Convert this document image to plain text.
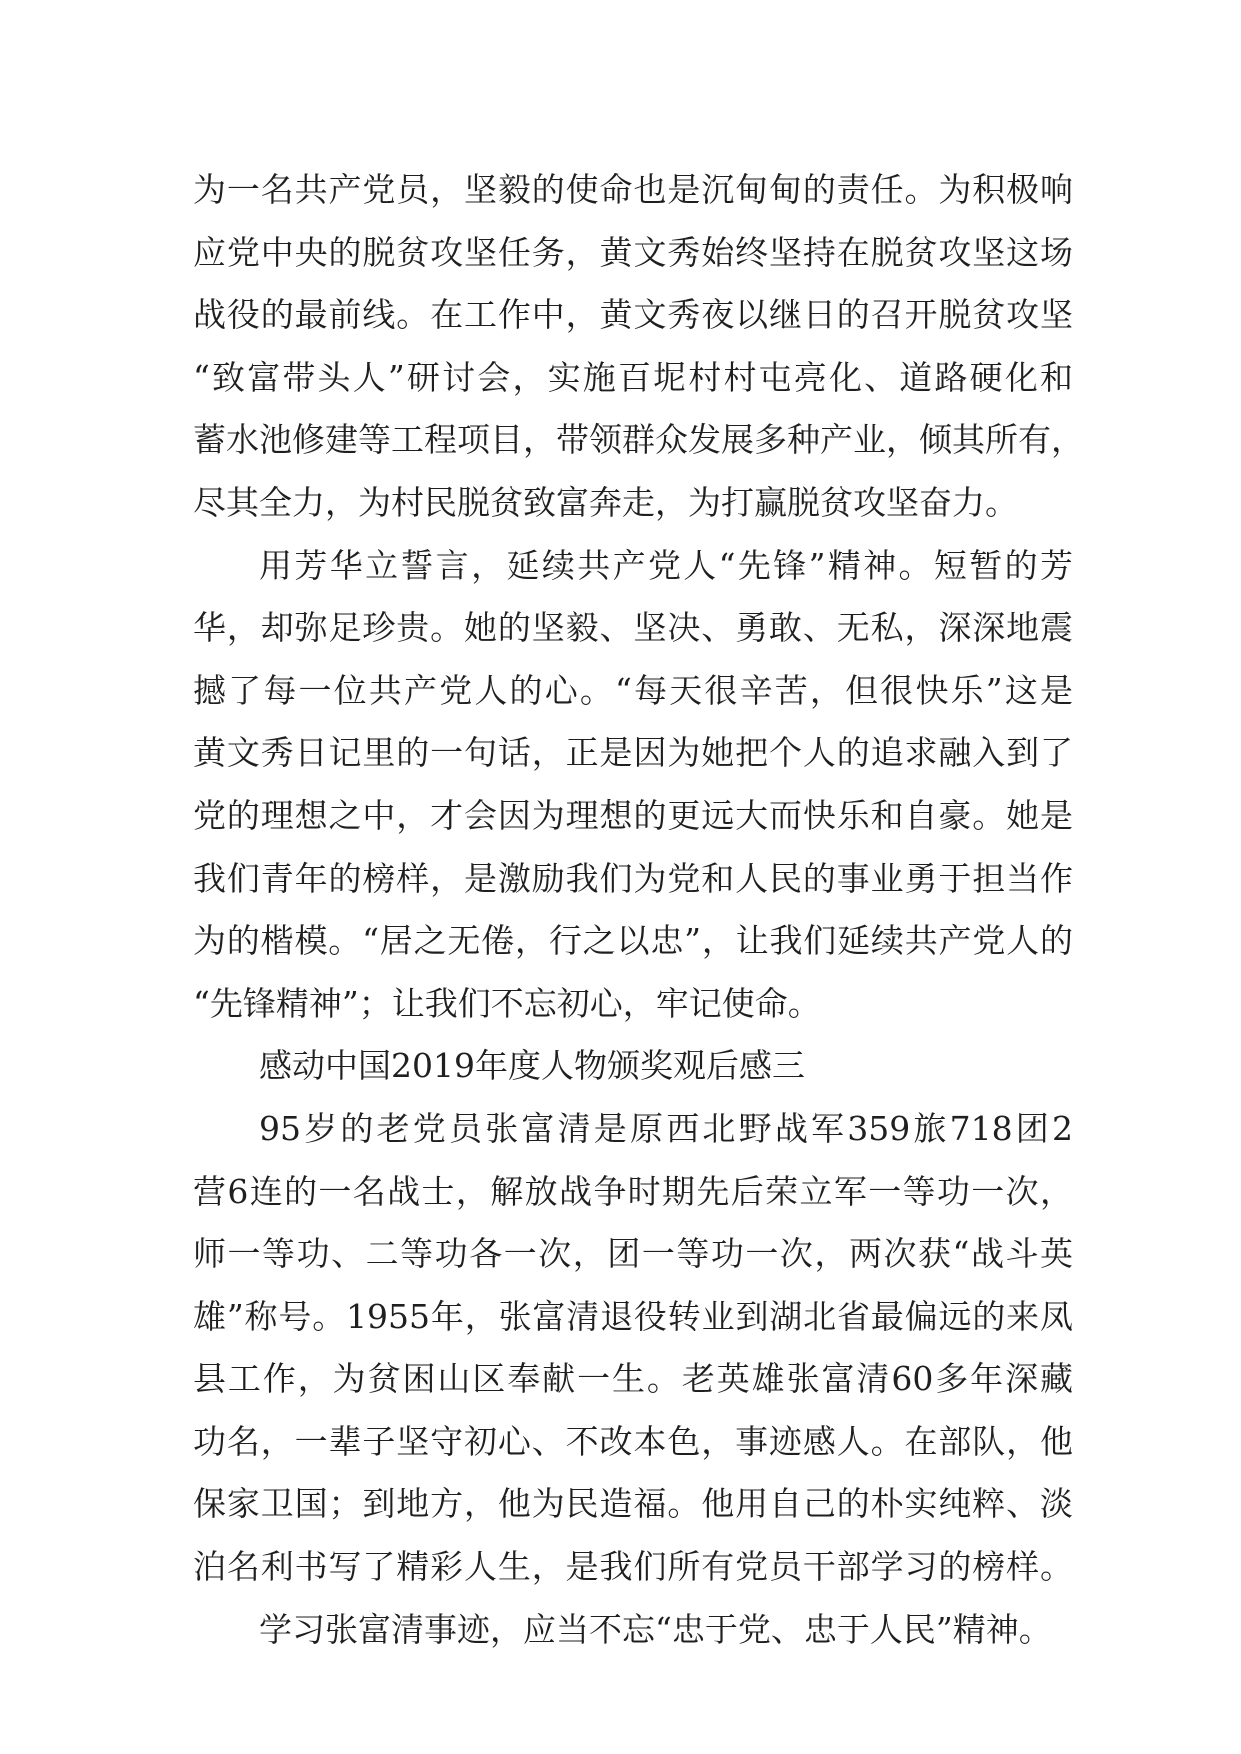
为一名共产党员，坚毅的使命也是沉甸甸的责任。为积极响
应党中央的脱贫攻坚任务，黄文秀始终坚持在脱贫攻坚这场
战役的最前线。在工作中，黄文秀夜以继日的召开脱贫攻坚
“致富带头人”研讨会，实施百坭村村屯亮化、道路硬化和
蓄水池修建等工程项目，带领群众发展多种产业，倾其所有，
尽其全力，为村民脱贫致富奔走，为打赢脱贫攻坚奋力。
用芳华立誓言，延续共产党人“先锋”精神。短暂的芳
华，却弥足珍贵。她的坚毅、坚决、勇敢、无私，深深地震
撼了每一位共产党人的心。“每天很辛苦，但很快乐”这是
黄文秀日记里的一句话，正是因为她把个人的追求融入到了
党的理想之中，才会因为理想的更远大而快乐和自豪。她是
我们青年的榜样，是激励我们为党和人民的事业勇于担当作
为的楷模。“居之无倦，行之以忠”，让我们延续共产党人的
“先锋精神”；让我们不忘初心，牢记使命。
感动中国2019年度人物颁奖观后感三
95岁的老党员张富清是原西北野战军359旅718团2
营6连的一名战士，解放战争时期先后荣立军一等功一次，
师一等功、二等功各一次，团一等功一次，两次获“战斗英
雄”称号。1955年，张富清退役转业到湖北省最偏远的来凤
县工作，为贫困山区奉献一生。老英雄张富清60多年深藏
功名，一辈子坚守初心、不改本色，事迹感人。在部队，他
保家卫国；到地方，他为民造福。他用自己的朴实纯粹、淡
泊名利书写了精彩人生，是我们所有党员干部学习的榜样。
学习张富清事迹，应当不忘“忠于党、忠于人民”精神。
